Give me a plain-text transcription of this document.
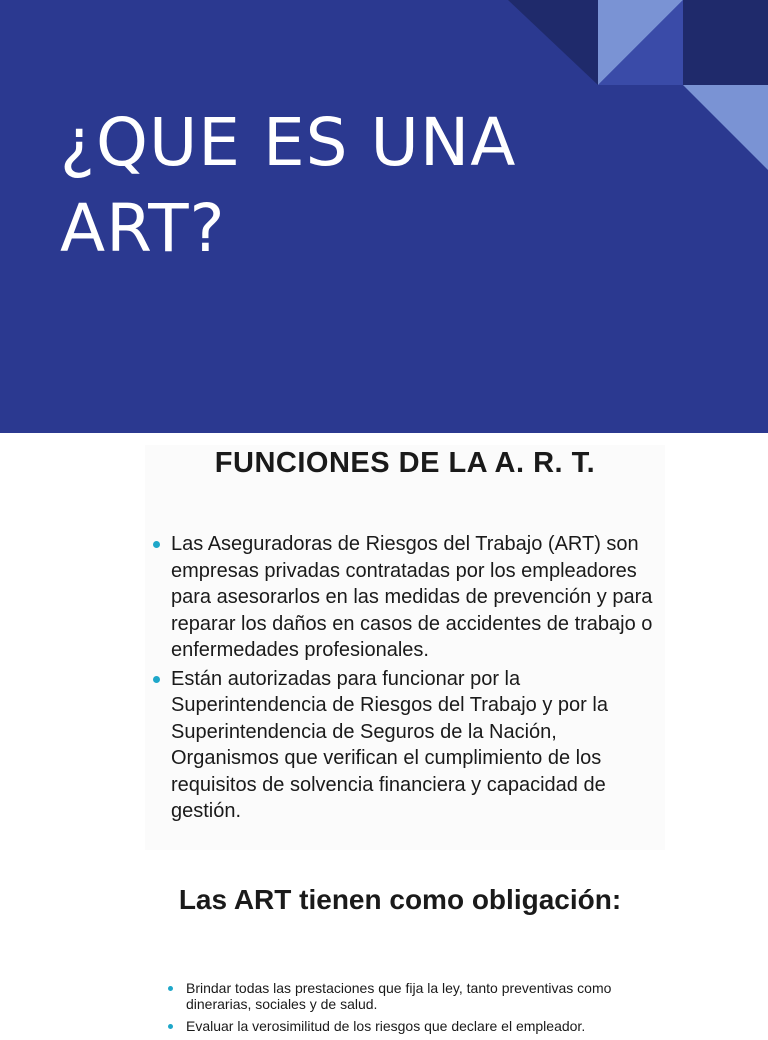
¿QUE ES UNA ART?
FUNCIONES DE LA A. R. T.
Las Aseguradoras de Riesgos del Trabajo (ART) son empresas privadas contratadas por los empleadores para asesorarlos en las medidas de prevención y para reparar los daños en casos de accidentes de trabajo o enfermedades profesionales.
Están autorizadas para funcionar por la Superintendencia de Riesgos del Trabajo y por la Superintendencia de Seguros de la Nación, Organismos que verifican el cumplimiento de los requisitos de solvencia financiera y capacidad de gestión.
Las ART tienen como obligación:
Brindar todas las prestaciones que fija la ley, tanto preventivas como dinerarias, sociales y de salud.
Evaluar la verosimilitud de los riesgos que declare el empleador.
